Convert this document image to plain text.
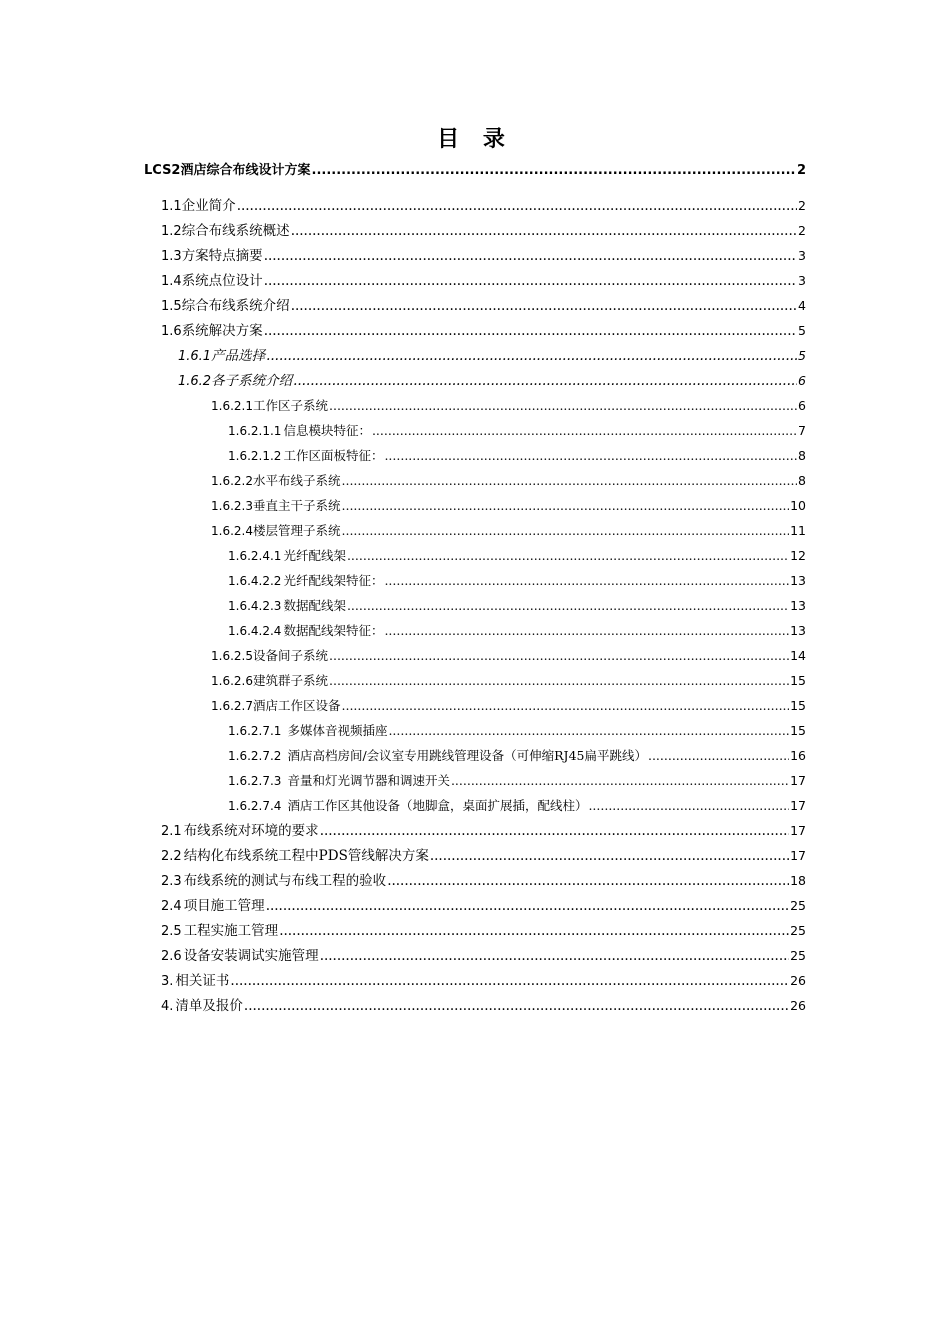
目 录
LCS2 酒店综合布线设计方案 .....	2
1.1 企业简介 .....	2
1.2 综合布线系统概述 .....	2
1.3 方案特点摘要 .....	3
1.4 系统点位设计 .....	3
1.5 综合布线系统介绍 .....	4
1.6 系统解决方案 .....	5
1.6.1 产品选择 .....	5
1.6.2 各子系统介绍 .....	6
1.6.2.1 工作区子系统 .....	6
1.6.2.1.1 信息模块特征： .....	7
1.6.2.1.2 工作区面板特征： .....	8
1.6.2.2 水平布线子系统 .....	8
1.6.2.3 垂直主干子系统 .....	10
1.6.2.4 楼层管理子系统 .....	11
1.6.2.4.1 光纤配线架 .....	12
1.6.4.2.2 光纤配线架特征： .....	13
1.6.4.2.3 数据配线架 .....	13
1.6.4.2.4 数据配线架特征： .....	13
1.6.2.5 设备间子系统 .....	14
1.6.2.6 建筑群子系统 .....	15
1.6.2.7 酒店工作区设备 .....	15
1.6.2.7.1 多媒体音视频插座 .....	15
1.6.2.7.2 酒店高档房间/会议室专用跳线管理设备（可伸缩RJ45扁平跳线） .....	16
1.6.2.7.3 音量和灯光调节器和调速开关 .....	17
1.6.2.7.4 酒店工作区其他设备（地脚盒，桌面扩展插，配线柱） .....	17
2.1 布线系统对环境的要求 .....	17
2.2 结构化布线系统工程中PDS管线解决方案 .....	17
2.3 布线系统的测试与布线工程的验收 .....	18
2.4 项目施工管理 .....	25
2.5 工程实施工管理 .....	25
2.6 设备安装调试实施管理 .....	25
3. 相关证书 .....	26
4. 清单及报价 .....	26
